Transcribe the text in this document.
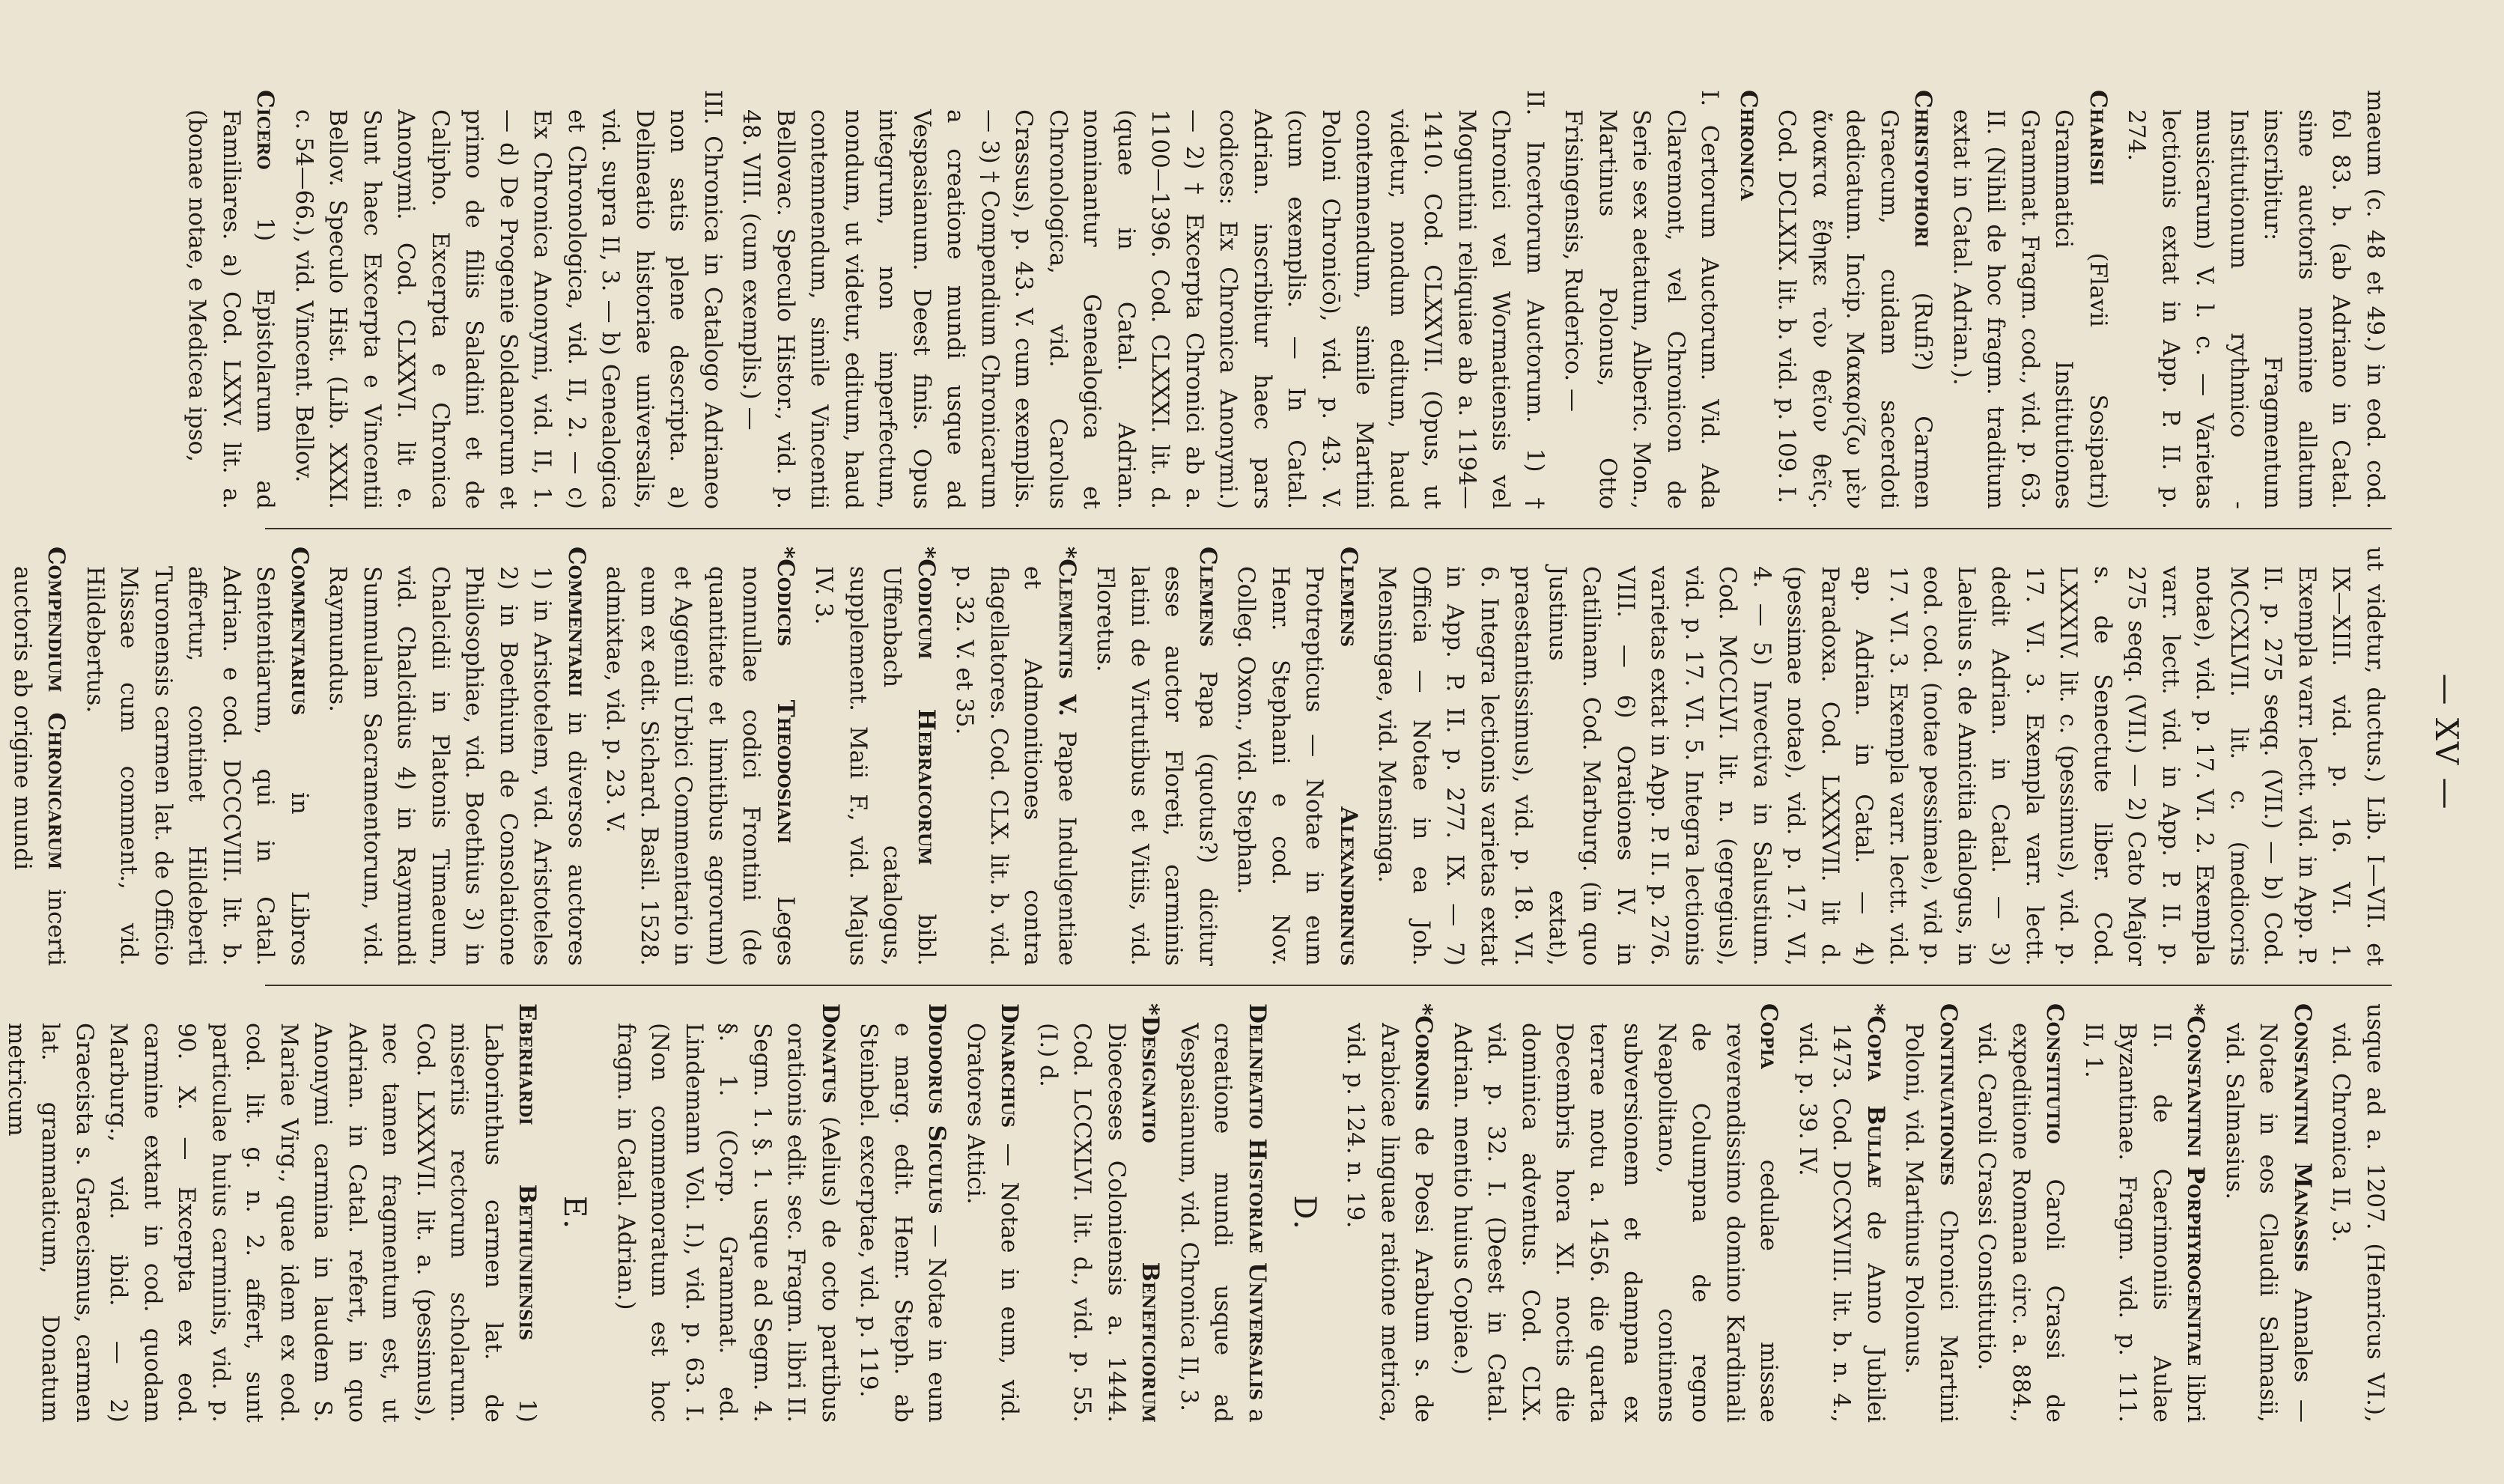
— XV —
maeum (c. 48 et 49.) in eod. cod. fol 83. b. (ab Adriano in Catal. sine auctoris nomine allatum inscribitur: Fragmentum Institutionum rythmico - musicarum) V. l. c. — Varietas lectionis extat in App. P. II. p. 274.
Charisii (Flavii Sosipatri) Grammatici Institutiones Grammat. Fragm. cod., vid. p. 63. II. (Nihil de hoc fragm. traditum extat in Catal. Adrian.).
Christophori (Rufi?) Carmen Graecum, cuidam sacerdoti dedicatum. Incip. Μακαρίζω μὲν ἄνακτα ἔθηκε τὸν θεῖον θεῖς. Cod. DCLXIX. lit. b. vid. p. 109. I.
Chronica
I. Certorum Auctorum. Vid. Ada Claremont, vel Chronicon de Serie sex aetatum, Alberic. Mon., Martinus Polonus, Otto Frisingensis, Ruderico. —
II. Incertorum Auctorum. 1) † Chronici vel Wormatiensis vel Moguntini reliquiae ab a. 1194—1410. Cod. CLXXVII. (Opus, ut videtur, nondum editum, haud contemnendum, simile Martini Poloni Chronicō), vid. p. 43. V. (cum exemplis. — In Catal. Adrian. inscribitur haec pars codices: Ex Chronica Anonymi.) — 2) † Excerpta Chronici ab a. 1100—1396. Cod. CLXXXI. lit. d. (quae in Catal. Adrian. nominantur Genealogica et Chronologica, vid. Carolus Crassus), p. 43. V. cum exemplis. — 3) † Compendium Chronicarum a creatione mundi usque ad Vespasianum. Deest finis. Opus integrum, non imperfectum, nondum, ut videtur, editum, haud contemnendum, simile Vincentii Bellovac. Speculo Histor., vid. p. 48. VIII. (cum exemplis.) —
III. Chronica in Catalogo Adrianeo non satis plene descripta. a) Delineatio historiae universalis, vid. supra II, 3. — b) Genealogica et Chronologica, vid. II, 2. — c) Ex Chronica Anonymi, vid. II, 1. — d) De Progenie Soldanorum et primo de filiis Saladini et de Calipho. Excerpta e Chronica Anonymi. Cod. CLXXVI. lit e. Sunt haec Excerpta e Vincentii Bellov. Speculo Hist. (Lib. XXXI. c. 54—66.), vid. Vincent. Bellov.
Cicero 1) Epistolarum ad Familiares. a) Cod. LXXV. lit. a. (bonae notae, e Medicea ipso,
ut videtur, ductus.) Lib. I—VII. et IX—XIII. vid. p. 16. VI. 1. Exempla varr. lectt. vid. in App. P. II. p. 275 seqq. (VII.) — b) Cod. MCCXLVII. lit. c. (mediocris notae), vid. p. 17. VI. 2. Exempla varr. lectt. vid. in App. P. II. p. 275 seqq. (VII.) — 2) Cato Major s. de Senectute liber. Cod. LXXXIV. lit. c. (pessimus), vid. p. 17. VI. 3. Exempla varr. lectt. dedit Adrian. in Catal. — 3) Laelius s. de Amicitia dialogus, in eod. cod. (notae pessimae), vid p. 17. VI. 3. Exempla varr. lectt. vid. ap. Adrian. in Catal. — 4) Paradoxa. Cod. LXXXVII. lit d. (pessimae notae), vid. p. 17. VI, 4. — 5) Invectiva in Salustium. Cod. MCCLVI. lit. n. (egregius), vid. p. 17. VI. 5. Integra lectionis varietas extat in App. P. II. p. 276. VIII. — 6) Orationes IV. in Catilinam. Cod. Marburg. (in quo Justinus extat), praestantissimus), vid. p. 18. VI. 6. Integra lectionis varietas extat in App. P. II. p. 277. IX. — 7) Officia — Notae in ea Joh. Mensingae, vid. Mensinga.
Clemens Alexandrinus Protrepticus — Notae in eum Henr. Stephani e cod. Nov. Colleg. Oxon., vid. Stephan.
Clemens Papa (quotus?) dicitur esse auctor Floreti, carminis latini de Virtutibus et Vitiis, vid. Floretus.
*Clementis V. Papae Indulgentiae et Admonitiones contra flagellatores. Cod. CLX. lit. b. vid. p. 32. V. et 35.
*Codicum Hebraicorum bibl. Uffenbach catalogus, supplement. Maii F., vid. Majus IV. 3.
*Codicis Theodosiani Leges nonnullae codici Frontini (de quantitate et limitibus agrorum) et Aggenii Urbici Commentario in eum ex edit. Sichard. Basil. 1528. admixtae, vid. p. 23. V.
Commentarii in diversos auctores 1) in Aristotelem, vid. Aristoteles 2) in Boethium de Consolatione Philosophiae, vid. Boethius 3) in Chalcidii in Platonis Timaeum, vid. Chalcidius 4) in Raymundi Summulam Sacramentorum, vid. Raymundus.
Commentarius in Libros Sententiarum, qui in Catal. Adrian. e cod. DCCCVIII. lit. b. affertur, continet Hildeberti Turonensis carmen lat. de Officio Missae cum comment., vid. Hildebertus.
Compendium Chronicarum incerti auctoris ab origine mundi
usque ad a. 1207. (Henricus VI.), vid. Chronica II, 3.
Constantini Manassis Annales — Notae in eos Claudii Salmasii, vid. Salmasius.
*Constantini Porphyrogenitae libri II. de Caerimoniis Aulae Byzantinae. Fragm. vid. p. 111. II, 1.
Constitutio Caroli Crassi de expeditione Romana circ. a. 884., vid. Caroli Crassi Constitutio.
Continuationes Chronici Martini Poloni, vid. Martinus Polonus.
*Copia Bullae de Anno Jubilei 1473. Cod. DCCXVIII. lit. b. n. 4., vid. p. 39. IV.
Copia cedulae missae reverendissimo domino Kardinali de Columpna de regno Neapolitano, continens subversionem et dampna ex terrae motu a. 1456. die quarta Decembris hora XI. noctis die dominica adventus. Cod. CLX. vid. p. 32. I. (Deest in Catal. Adrian. mentio huius Copiae.)
*Coronis de Poesi Arabum s. de Arabicae linguae ratione metrica, vid. p. 124. n. 19.
D.
Delineatio Historiae Universalis a creatione mundi usque ad Vespasianum, vid. Chronica II, 3.
*Designatio Beneficiorum Dioeceses Coloniensis a. 1444. Cod. LCCXLVI. lit. d., vid. p. 55. (I.) d.
Dinarchus — Notae in eum, vid. Oratores Attici.
Diodorus Siculus — Notae in eum e marg. edit. Henr. Steph. ab Steinbel. excerptae, vid. p. 119.
Donatus (Aelius) de octo partibus orationis edit. sec. Fragm. libri II. Segm. 1. §. 1. usque ad Segm. 4. §. 1. (Corp. Grammat. ed. Lindemann Vol. I.), vid. p. 63. I. (Non commemoratum est hoc fragm. in Catal. Adrian.)
E.
Eberhardi Bethuniensis 1) Laborinthus carmen lat. de miseriis rectorum scholarum. Cod. LXXXVII. lit. a. (pessimus), nec tamen fragmentum est, ut Adrian. in Catal. refert, in quo Anonymi carmina in laudem S. Mariae Virg., quae idem ex eod. cod. lit. g. n. 2. affert, sunt particulae huius carminis, vid. p. 90. X. — Excerpta ex eod. carmine extant in cod. quodam Marburg., vid. ibid. — 2) Graecista s. Graecismus, carmen lat. grammaticum, Donatum metricum
